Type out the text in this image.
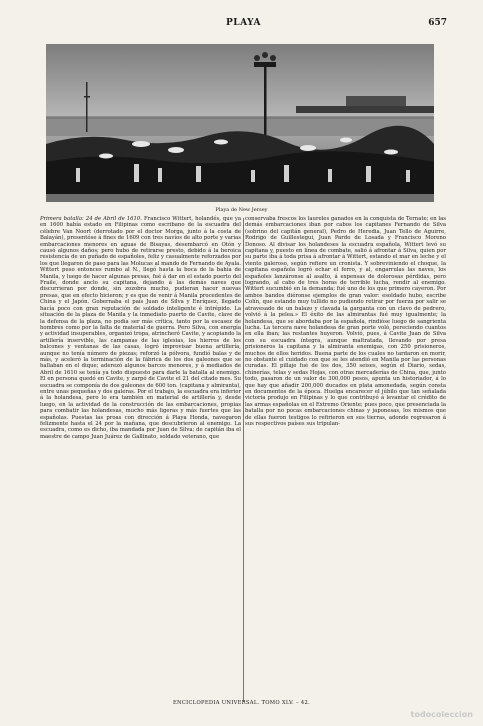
PLAYA	657
Playa de New Jersey

Primera batalla: 24 de Abril de 1610. Francisco Wittert, holandés, que ya en 1600 había estado en Filipinas como escribano de la escuadra del célebre Van Noort (derrotado por el doctor Morga, junto á la costa de Balayán), presentóse á fines de 1609 con tres navíos de alto porte y varias embarcaciones menores en aguas de Bisayas, desembarcó en Otón y causó algunos daños; pero hubo de retirarse presto, debido á la heroica resistencia de un puñado de españoles, feliz y casualmente reforzados por los que llegaron de paso para las Molucas al mando de Fernando de Ayala. Wittert puso entonces rumbo al N., llegó hasta la boca de la bahía de Manila, y luego de hacer algunas presas, fué á dar en el estado puerto del Fraile, donde anclo su capitana, dejando á las demás naves que discurrieran por donde, sin zozobra mucho, pudieran hacer nuevas presas, que en efecto hicieron; y es que de venir á Manila procedentes de China y el Japón. Gobernaba el país Juan de Silva y Enríquez, llegado hacía poco con gran reputación de soldado inteligente é intrépido. La situación de la plaza de Manila y la inmediato puerto de Cavite, clave de la defensa de la plaza, no podía ser más crítica, tanto por la escasez de hombres como por la falta de material de guerra. Pero Silva, con energía y actividad insuperables, organizó tropa, atrincheró Cavite, y acopiando la artillería inservible, las campanas de las iglesias, los hierros de los balcones y ventanas de las casas, logró improvisar buena artillería, aunque no tenía número de piezas; reforzó la pólvora, fundió balas y de más, y aceleró la terminación de la fábrica de los dos galeones que se hallaban en el dique; aderezó algunos barcos menores, y á mediados de Abril de 1610 se tenía ya todo dispuesto para darle la batalla al enemigo. El en persona quedó en Cavite, y zarpó de Cavite el 21 del citado mes. Su escuadra se componía de dos galeones de 600 ton. (capitana y almiranta), entre unas pequeñas y dos galeras. Por el trabajo, la escuadra era inferior á la holandesa, pero lo era también en material de artillería y, desde luego, en la actividad de la construcción de las embarcaciones, propias para combatir las holandesas, mucho más ligeras y más fuertes que las españolas. Puestas las proas con dirección á Playa Honda, navegaron felizmente hasta el 24 por la mañana, que descubrieron al enemigo. La escuadra, como es dicho, iba mandada por Juan de Silva; de capitán iba el maestre de campo Juan Juárez de Gallinato, soldado veterano, que

conservaba frescos los laureles ganados en la conquista de Ternate; en las demás embarcaciones iban por cabos los capitanes Fernando de Silva (sobrino del capitán general), Pedro de Heredia, Juan Tello de Aguirre, Rodrigo de Guillestegui, Juan Pardo de Losada y Francisco Moreno Donoso. Al divisar los holandeses la escuadra española, Wittert levó su capitana y, puesto en línea de combate, salió á afrontar á Silva, quien por su parte iba á toda prisa á afrontar á Wittert, estando el mar en leche y el viento galeroso, según refiere un cronista. Y sobreviniendo el choque, la capitana española logró echar el ferro, y al, engarrulas las naves, los españoles lanzáronse al asalto, á expensas de dolorosas pérdidas, pero logrando, al cabo de tres horas de terrible lucha, rendir al enemigo. Wittert sucumbió en la demanda; fué uno de los que primero cayeron. Por ambos bandos diéronse ejemplos de gran valor: esoldado hubo, escribe Colín, que estando muy tullido no pudiendo retirar por fuerza por salir se atravesado de un balazo y clavada la garganta con un clavo de pedrero, volvió á la pelea.» El éxito de las almirantas fué muy igualmente; la holandesa, que se abordaba por la española, rindióse luego de sangrienta lucha. La tercera nave holandesa de gran porte voló, pereciendo cuantos en ella iban; las restantes huyeron. Volvió, pues, á Cavite Juan de Silva con su escuadra íntegra, aunque maltratada, llevando por presa prisioneros la capitana y la almiranta enemigas, con 250 prisioneros, muchos de ellos heridos. Buena parte de los cuales no tardaron en morir, no obstante el cuidado con que se les atendió en Manila por las personas curadas. El pillaje fué de los dos, 350 seises, según el Diario, sedas, chinerías, telas y sedas Hojas, con otras mercaderías de China, que, junto todo, pasaron de un valor de 300,000 pesos, apunta un historiador, á lo que hay que añadir 200,000 ducados en plata amonedada, según consta en documentos de la época. Huelga encarecer el júbilo que tan señalada victoria produjo en Filipinas y lo que contribuyó á levantar el crédito de las armas españolas en el Extremo Oriente; pues poco, que presenciada la batalla por no pocas embarcaciones chinas y japonesas, los mismos que de ellas fueron testigos lo refirieron en sus tierras, adonde regresaron á sus respectivos países sus tripulan-

ENCICLOPEDIA UNIVERSAL. TOMO XLV. – 42.
todocoleccion
